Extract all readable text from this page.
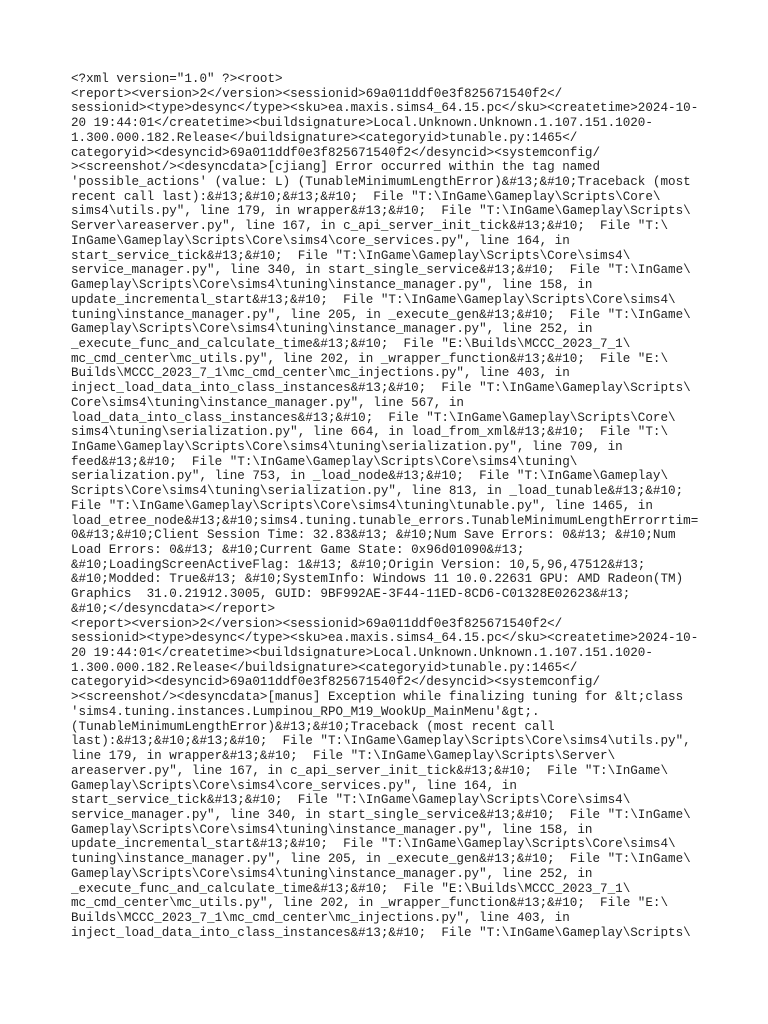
<?xml version="1.0" ?><root>
<report><version>2</version><sessionid>69a011ddf0e3f825671540f2</
sessionid><type>desync</type><sku>ea.maxis.sims4_64.15.pc</sku><createtime>2024-10-
20 19:44:01</createtime><buildsignature>Local.Unknown.Unknown.1.107.151.1020-
1.300.000.182.Release</buildsignature><categoryid>tunable.py:1465</
categoryid><desyncid>69a011ddf0e3f825671540f2</desyncid><systemconfig/
><screenshot/><desyncdata>[cjiang] Error occurred within the tag named
'possible_actions' (value: L) (TunableMinimumLengthError)&#13;&#10;Traceback (most
recent call last):&#13;&#10;&#13;&#10;  File "T:\InGame\Gameplay\Scripts\Core\
sims4\utils.py", line 179, in wrapper&#13;&#10;  File "T:\InGame\Gameplay\Scripts\
Server\areaserver.py", line 167, in c_api_server_init_tick&#13;&#10;  File "T:\
InGame\Gameplay\Scripts\Core\sims4\core_services.py", line 164, in
start_service_tick&#13;&#10;  File "T:\InGame\Gameplay\Scripts\Core\sims4\
service_manager.py", line 340, in start_single_service&#13;&#10;  File "T:\InGame\
Gameplay\Scripts\Core\sims4\tuning\instance_manager.py", line 158, in
update_incremental_start&#13;&#10;  File "T:\InGame\Gameplay\Scripts\Core\sims4\
tuning\instance_manager.py", line 205, in _execute_gen&#13;&#10;  File "T:\InGame\
Gameplay\Scripts\Core\sims4\tuning\instance_manager.py", line 252, in
_execute_func_and_calculate_time&#13;&#10;  File "E:\Builds\MCCC_2023_7_1\
mc_cmd_center\mc_utils.py", line 202, in _wrapper_function&#13;&#10;  File "E:\
Builds\MCCC_2023_7_1\mc_cmd_center\mc_injections.py", line 403, in
inject_load_data_into_class_instances&#13;&#10;  File "T:\InGame\Gameplay\Scripts\
Core\sims4\tuning\instance_manager.py", line 567, in
load_data_into_class_instances&#13;&#10;  File "T:\InGame\Gameplay\Scripts\Core\
sims4\tuning\serialization.py", line 664, in load_from_xml&#13;&#10;  File "T:\
InGame\Gameplay\Scripts\Core\sims4\tuning\serialization.py", line 709, in
feed&#13;&#10;  File "T:\InGame\Gameplay\Scripts\Core\sims4\tuning\
serialization.py", line 753, in _load_node&#13;&#10;  File "T:\InGame\Gameplay\
Scripts\Core\sims4\tuning\serialization.py", line 813, in _load_tunable&#13;&#10;
File "T:\InGame\Gameplay\Scripts\Core\sims4\tuning\tunable.py", line 1465, in
load_etree_node&#13;&#10;sims4.tuning.tunable_errors.TunableMinimumLengthErrorrtim=
0&#13;&#10;Client Session Time: 32.83&#13; &#10;Num Save Errors: 0&#13; &#10;Num
Load Errors: 0&#13; &#10;Current Game State: 0x96d01090&#13;
&#10;LoadingScreenActiveFlag: 1&#13; &#10;Origin Version: 10,5,96,47512&#13;
&#10;Modded: True&#13; &#10;SystemInfo: Windows 11 10.0.22631 GPU: AMD Radeon(TM)
Graphics  31.0.21912.3005, GUID: 9BF992AE-3F44-11ED-8CD6-C01328E02623&#13;
&#10;</desyncdata></report>
<report><version>2</version><sessionid>69a011ddf0e3f825671540f2</
sessionid><type>desync</type><sku>ea.maxis.sims4_64.15.pc</sku><createtime>2024-10-
20 19:44:01</createtime><buildsignature>Local.Unknown.Unknown.1.107.151.1020-
1.300.000.182.Release</buildsignature><categoryid>tunable.py:1465</
categoryid><desyncid>69a011ddf0e3f825671540f2</desyncid><systemconfig/
><screenshot/><desyncdata>[manus] Exception while finalizing tuning for &lt;class
'sims4.tuning.instances.Lumpinou_RPO_M19_WookUp_MainMenu'&gt;.
(TunableMinimumLengthError)&#13;&#10;Traceback (most recent call
last):&#13;&#10;&#13;&#10;  File "T:\InGame\Gameplay\Scripts\Core\sims4\utils.py",
line 179, in wrapper&#13;&#10;  File "T:\InGame\Gameplay\Scripts\Server\
areaserver.py", line 167, in c_api_server_init_tick&#13;&#10;  File "T:\InGame\
Gameplay\Scripts\Core\sims4\core_services.py", line 164, in
start_service_tick&#13;&#10;  File "T:\InGame\Gameplay\Scripts\Core\sims4\
service_manager.py", line 340, in start_single_service&#13;&#10;  File "T:\InGame\
Gameplay\Scripts\Core\sims4\tuning\instance_manager.py", line 158, in
update_incremental_start&#13;&#10;  File "T:\InGame\Gameplay\Scripts\Core\sims4\
tuning\instance_manager.py", line 205, in _execute_gen&#13;&#10;  File "T:\InGame\
Gameplay\Scripts\Core\sims4\tuning\instance_manager.py", line 252, in
_execute_func_and_calculate_time&#13;&#10;  File "E:\Builds\MCCC_2023_7_1\
mc_cmd_center\mc_utils.py", line 202, in _wrapper_function&#13;&#10;  File "E:\
Builds\MCCC_2023_7_1\mc_cmd_center\mc_injections.py", line 403, in
inject_load_data_into_class_instances&#13;&#10;  File "T:\InGame\Gameplay\Scripts\
